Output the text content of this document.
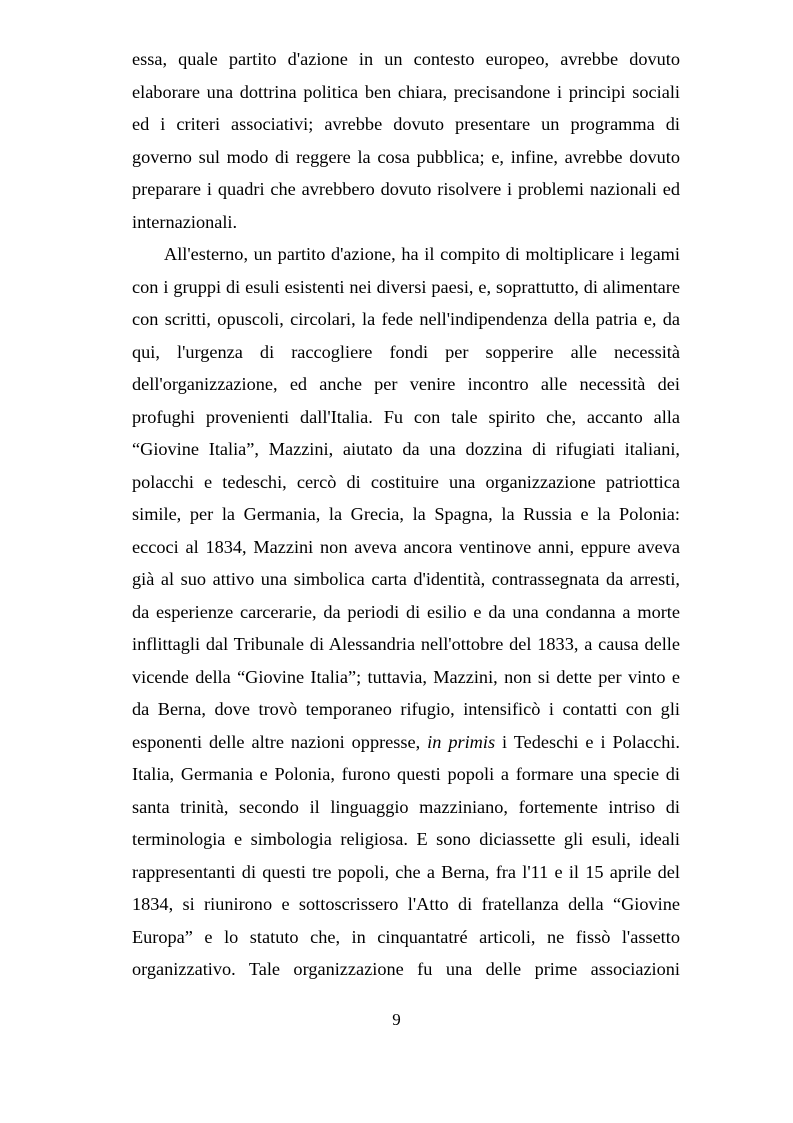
essa, quale partito d'azione in un contesto europeo, avrebbe dovuto elaborare una dottrina politica ben chiara, precisandone i principi sociali ed i criteri associativi; avrebbe dovuto presentare un programma di governo sul modo di reggere la cosa pubblica; e, infine, avrebbe dovuto preparare i quadri che avrebbero dovuto risolvere i problemi nazionali ed internazionali.

All'esterno, un partito d'azione, ha il compito di moltiplicare i legami con i gruppi di esuli esistenti nei diversi paesi, e, soprattutto, di alimentare con scritti, opuscoli, circolari, la fede nell'indipendenza della patria e, da qui, l'urgenza di raccogliere fondi per sopperire alle necessità dell'organizzazione, ed anche per venire incontro alle necessità dei profughi provenienti dall'Italia. Fu con tale spirito che, accanto alla “Giovine Italia”, Mazzini, aiutato da una dozzina di rifugiati italiani, polacchi e tedeschi, cercò di costituire una organizzazione patriottica simile, per la Germania, la Grecia, la Spagna, la Russia e la Polonia: eccoci al 1834, Mazzini non aveva ancora ventinove anni, eppure aveva già al suo attivo una simbolica carta d'identità, contrassegnata da arresti, da esperienze carcerarie, da periodi di esilio e da una condanna a morte inflittagli dal Tribunale di Alessandria nell'ottobre del 1833, a causa delle vicende della “Giovine Italia”; tuttavia, Mazzini, non si dette per vinto e da Berna, dove trovò temporaneo rifugio, intensificò i contatti con gli esponenti delle altre nazioni oppresse, in primis i Tedeschi e i Polacchi. Italia, Germania e Polonia, furono questi popoli a formare una specie di santa trinità, secondo il linguaggio mazziniano, fortemente intriso di terminologia e simbologia religiosa. E sono diciassette gli esuli, ideali rappresentanti di questi tre popoli, che a Berna, fra l'11 e il 15 aprile del 1834, si riunirono e sottoscrissero l'Atto di fratellanza della “Giovine Europa” e lo statuto che, in cinquantatré articoli, ne fissò l'assetto organizzativo. Tale organizzazione fu una delle prime associazioni

9
